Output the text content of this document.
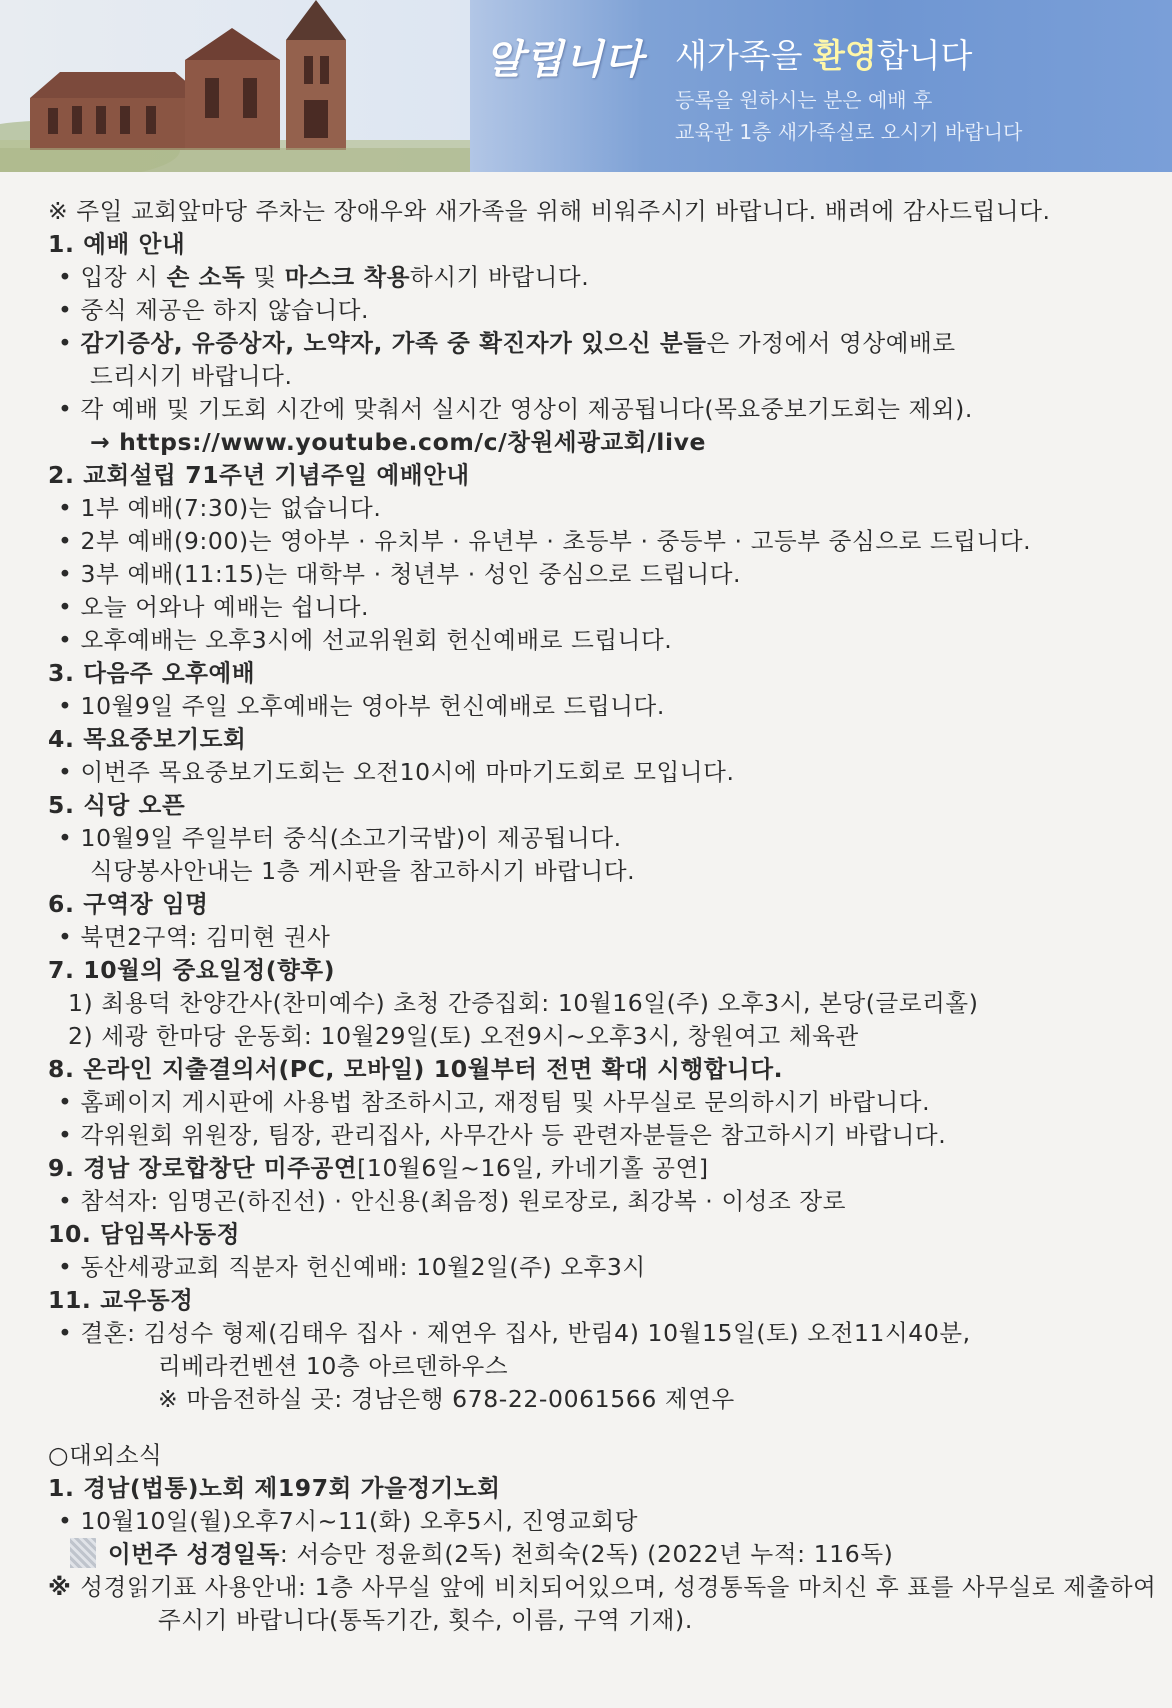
알립니다 새가족을 환영합니다
등록을 원하시는 분은 예배 후
교육관 1층 새가족실로 오시기 바랍니다
※ 주일 교회앞마당 주차는 장애우와 새가족을 위해 비워주시기 바랍니다. 배려에 감사드립니다.
1. 예배 안내
• 입장 시 손 소독 및 마스크 착용하시기 바랍니다.
• 중식 제공은 하지 않습니다.
• 감기증상, 유증상자, 노약자, 가족 중 확진자가 있으신 분들은 가정에서 영상예배로
드리시기 바랍니다.
• 각 예배 및 기도회 시간에 맞춰서 실시간 영상이 제공됩니다(목요중보기도회는 제외).
→ https://www.youtube.com/c/창원세광교회/live
2. 교회설립 71주년 기념주일 예배안내
• 1부 예배(7:30)는 없습니다.
• 2부 예배(9:00)는 영아부 · 유치부 · 유년부 · 초등부 · 중등부 · 고등부 중심으로 드립니다.
• 3부 예배(11:15)는 대학부 · 청년부 · 성인 중심으로 드립니다.
• 오늘 어와나 예배는 쉽니다.
• 오후예배는 오후3시에 선교위원회 헌신예배로 드립니다.
3. 다음주 오후예배
• 10월9일 주일 오후예배는 영아부 헌신예배로 드립니다.
4. 목요중보기도회
• 이번주 목요중보기도회는 오전10시에 마마기도회로 모입니다.
5. 식당 오픈
• 10월9일 주일부터 중식(소고기국밥)이 제공됩니다.
식당봉사안내는 1층 게시판을 참고하시기 바랍니다.
6. 구역장 임명
• 북면2구역: 김미현 권사
7. 10월의 중요일정(향후)
1) 최용덕 찬양간사(찬미예수) 초청 간증집회: 10월16일(주) 오후3시, 본당(글로리홀)
2) 세광 한마당 운동회: 10월29일(토) 오전9시~오후3시, 창원여고 체육관
8. 온라인 지출결의서(PC, 모바일) 10월부터 전면 확대 시행합니다.
• 홈페이지 게시판에 사용법 참조하시고, 재정팀 및 사무실로 문의하시기 바랍니다.
• 각위원회 위원장, 팀장, 관리집사, 사무간사 등 관련자분들은 참고하시기 바랍니다.
9. 경남 장로합창단 미주공연[10월6일~16일, 카네기홀 공연]
• 참석자: 임명곤(하진선) · 안신용(최음정) 원로장로, 최강복 · 이성조 장로
10. 담임목사동정
• 동산세광교회 직분자 헌신예배: 10월2일(주) 오후3시
11. 교우동정
• 결혼: 김성수 형제(김태우 집사 · 제연우 집사, 반림4) 10월15일(토) 오전11시40분,
리베라컨벤션 10층 아르덴하우스
※ 마음전하실 곳: 경남은행 678-22-0061566 제연우
○대외소식
1. 경남(법통)노회 제197회 가을정기노회
• 10월10일(월)오후7시~11(화) 오후5시, 진영교회당
이번주 성경일독: 서승만 정윤희(2독) 천희숙(2독) (2022년 누적: 116독)
※ 성경읽기표 사용안내: 1층 사무실 앞에 비치되어있으며, 성경통독을 마치신 후 표를 사무실로 제출하여
주시기 바랍니다(통독기간, 횟수, 이름, 구역 기재).
